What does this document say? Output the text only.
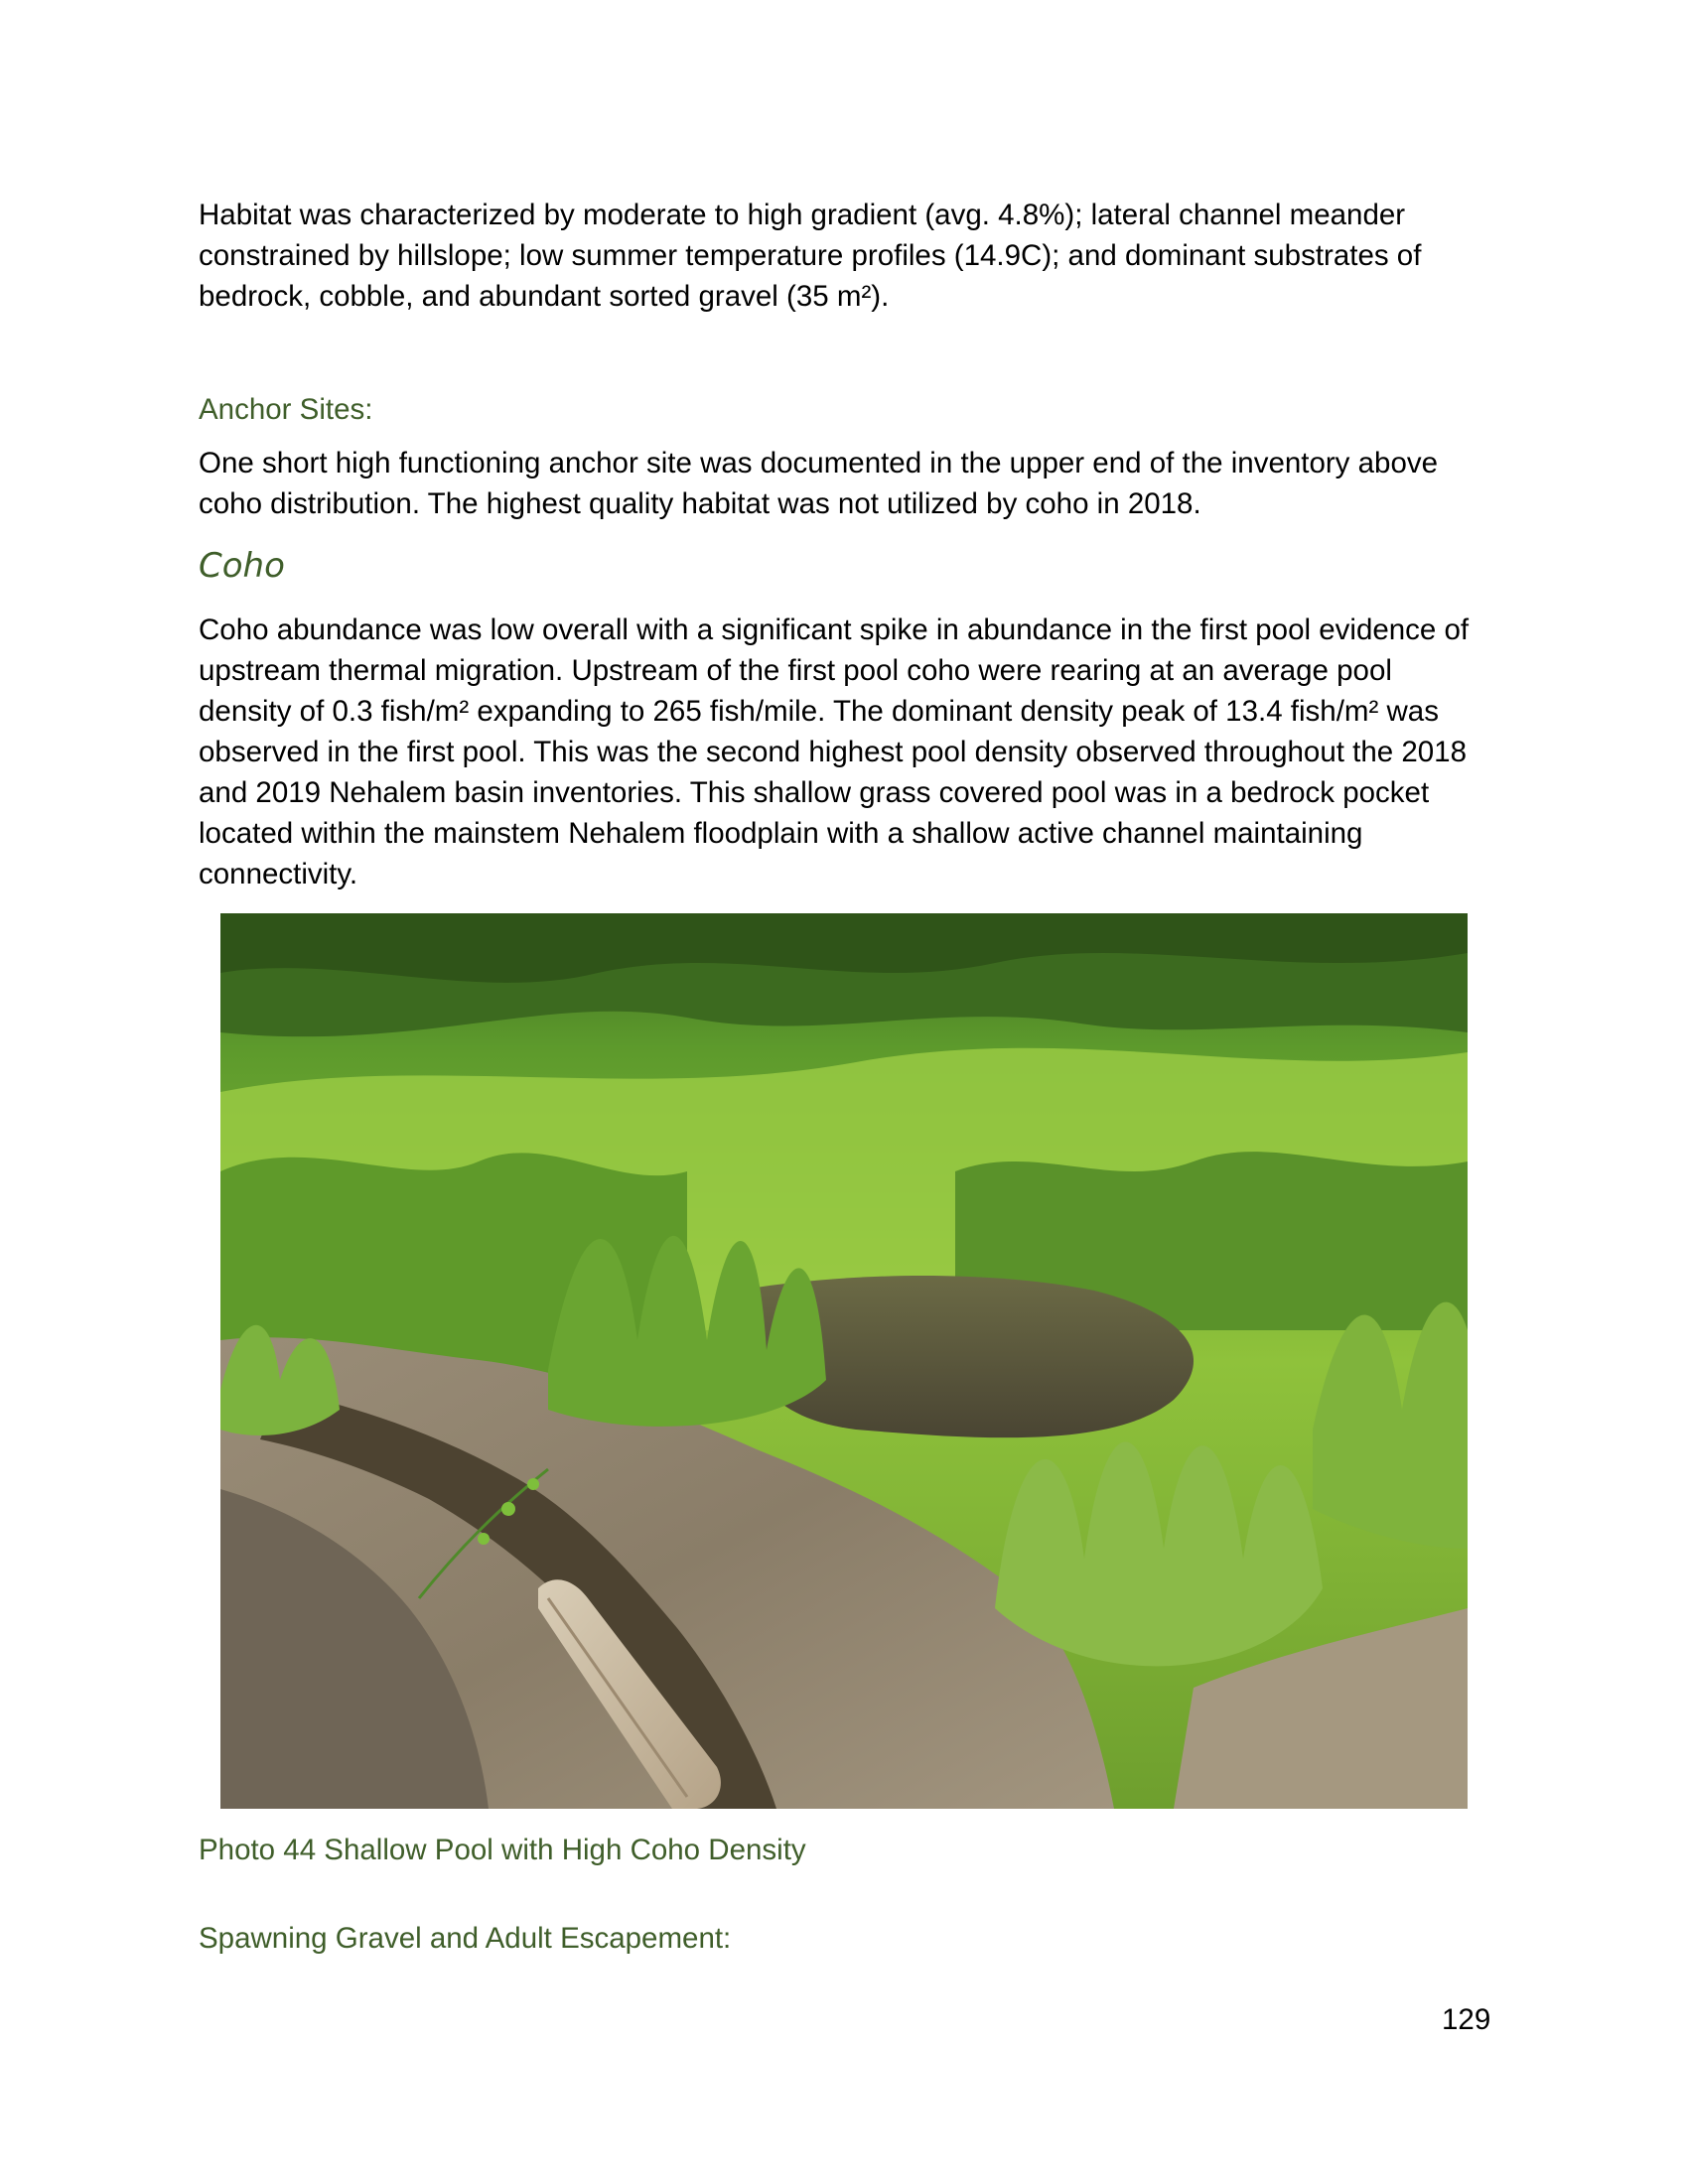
Habitat was characterized by moderate to high gradient (avg. 4.8%); lateral channel meander constrained by hillslope; low summer temperature profiles (14.9C); and dominant substrates of bedrock, cobble, and abundant sorted gravel (35 m²).

Anchor Sites:

One short high functioning anchor site was documented in the upper end of the inventory above coho distribution. The highest quality habitat was not utilized by coho in 2018.

Coho

Coho abundance was low overall with a significant spike in abundance in the first pool evidence of upstream thermal migration. Upstream of the first pool coho were rearing at an average pool density of 0.3 fish/m² expanding to 265 fish/mile. The dominant density peak of 13.4 fish/m² was observed in the first pool. This was the second highest pool density observed throughout the 2018 and 2019 Nehalem basin inventories. This shallow grass covered pool was in a bedrock pocket located within the mainstem Nehalem floodplain with a shallow active channel maintaining connectivity.

Photo 44 Shallow Pool with High Coho Density

Spawning Gravel and Adult Escapement:

129
